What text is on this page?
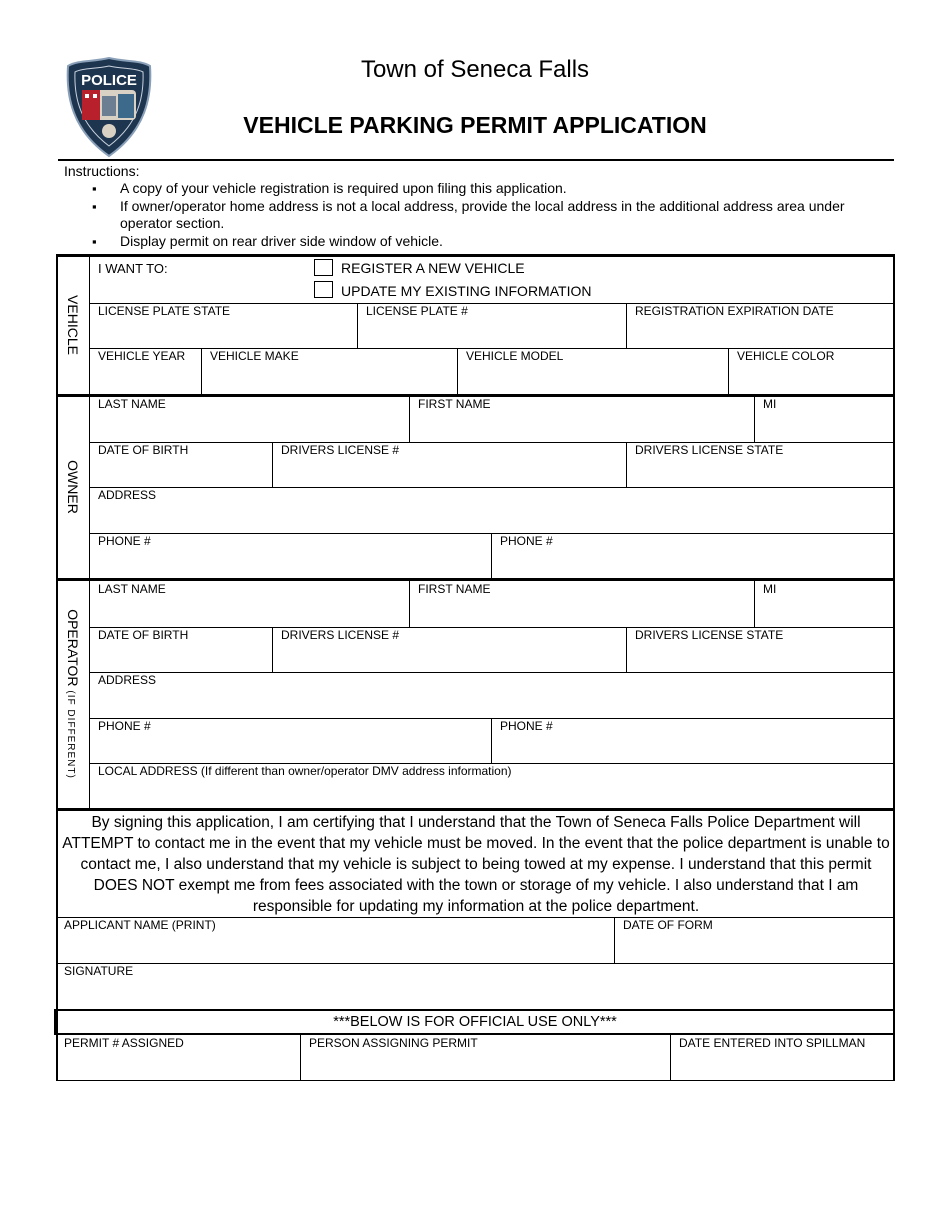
POLICE	Town of Seneca Falls
VEHICLE PARKING PERMIT APPLICATION
Instructions:
▪ A copy of your vehicle registration is required upon filing this application.
▪ If owner/operator home address is not a local address, provide the local address in the additional address area under operator section.
▪ Display permit on rear driver side window of vehicle.
VEHICLE
I WANT TO:	REGISTER A NEW VEHICLE
UPDATE MY EXISTING INFORMATION
LICENSE PLATE STATE	LICENSE PLATE #	REGISTRATION EXPIRATION DATE
VEHICLE YEAR VEHICLE MAKE	VEHICLE MODEL	VEHICLE COLOR
OWNER
LAST NAME	FIRST NAME	MI
DATE OF BIRTH	DRIVERS LICENSE #	DRIVERS LICENSE STATE
ADDRESS
PHONE #	PHONE #
OPERATOR (IF DIFFERENT)
LAST NAME	FIRST NAME	MI
DATE OF BIRTH	DRIVERS LICENSE #	DRIVERS LICENSE STATE
ADDRESS
PHONE #	PHONE #
LOCAL ADDRESS (If different than owner/operator DMV address information)
By signing this application, I am certifying that I understand that the Town of Seneca Falls Police Department will ATTEMPT to contact me in the event that my vehicle must be moved. In the event that the police department is unable to contact me, I also understand that my vehicle is subject to being towed at my expense. I understand that this permit DOES NOT exempt me from fees associated with the town or storage of my vehicle. I also understand that I am responsible for updating my information at the police department.
APPLICANT NAME (PRINT)	DATE OF FORM
SIGNATURE
***BELOW IS FOR OFFICIAL USE ONLY***
PERMIT # ASSIGNED	PERSON ASSIGNING PERMIT	DATE ENTERED INTO SPILLMAN
